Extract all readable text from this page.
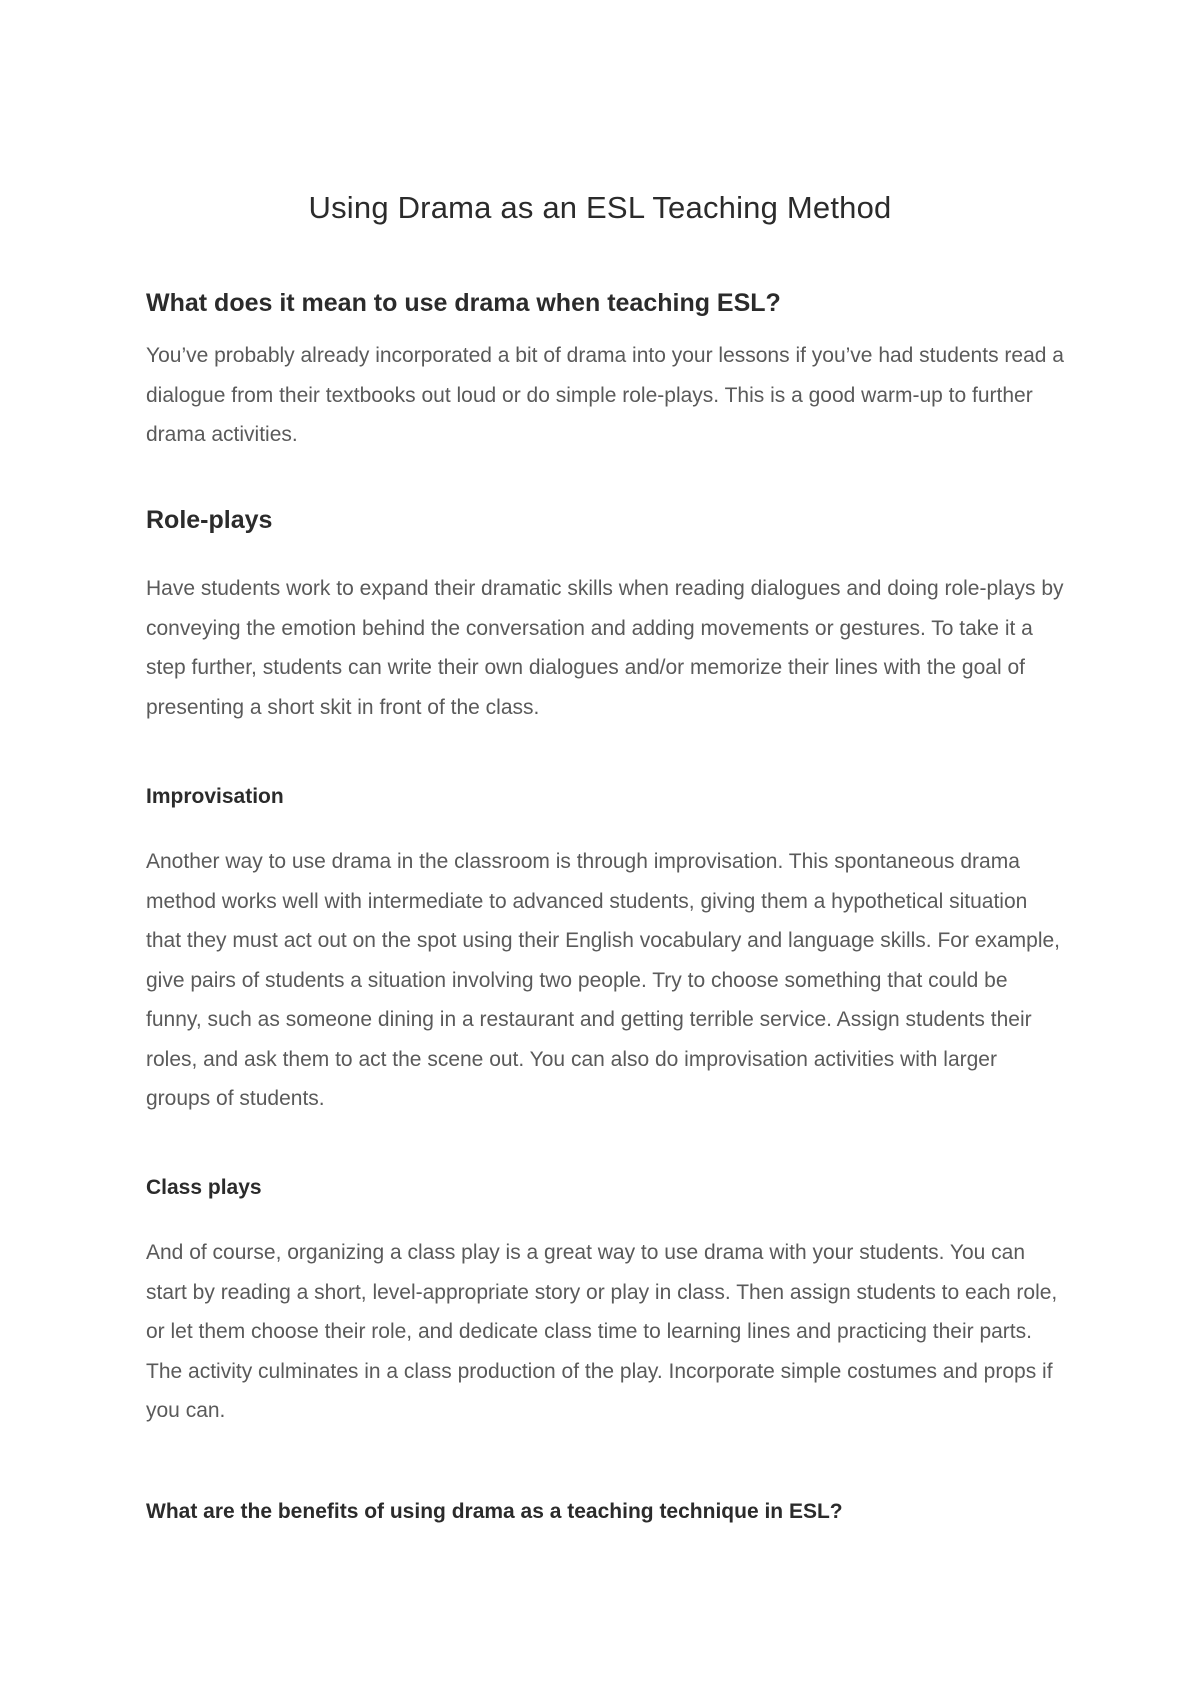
Using Drama as an ESL Teaching Method
What does it mean to use drama when teaching ESL?

You’ve probably already incorporated a bit of drama into your lessons if you’ve had students read a dialogue from their textbooks out loud or do simple role-plays. This is a good warm-up to further drama activities.

Role-plays

Have students work to expand their dramatic skills when reading dialogues and doing role-plays by conveying the emotion behind the conversation and adding movements or gestures. To take it a step further, students can write their own dialogues and/or memorize their lines with the goal of presenting a short skit in front of the class.

Improvisation

Another way to use drama in the classroom is through improvisation. This spontaneous drama method works well with intermediate to advanced students, giving them a hypothetical situation that they must act out on the spot using their English vocabulary and language skills. For example, give pairs of students a situation involving two people. Try to choose something that could be funny, such as someone dining in a restaurant and getting terrible service. Assign students their roles, and ask them to act the scene out. You can also do improvisation activities with larger groups of students.

Class plays

And of course, organizing a class play is a great way to use drama with your students. You can start by reading a short, level-appropriate story or play in class. Then assign students to each role, or let them choose their role, and dedicate class time to learning lines and practicing their parts. The activity culminates in a class production of the play. Incorporate simple costumes and props if you can.

What are the benefits of using drama as a teaching technique in ESL?
